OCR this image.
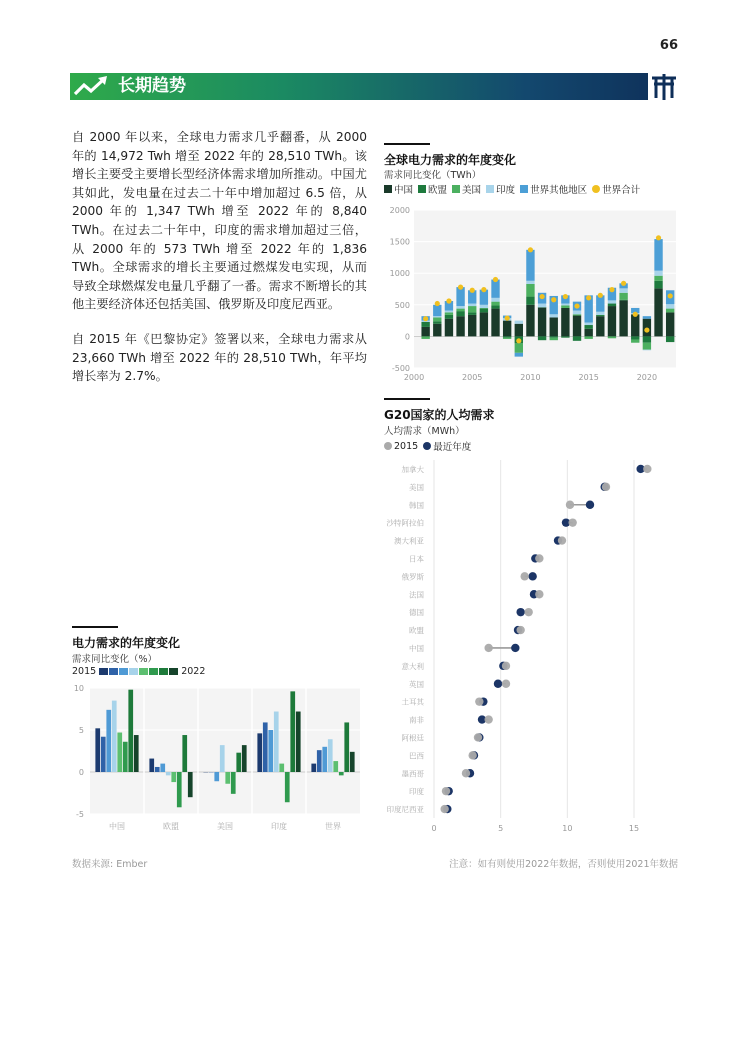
66
长期趋势
自 2000 年以来，全球电力需求几乎翻番，从 2000 年的 14,972 Twh 增至 2022 年的 28,510 TWh。该增长主要受主要增长型经济体需求增加所推动。中国尤其如此，发电量在过去二十年中增加超过 6.5 倍，从 2000 年的 1,347 TWh 增至 2022 年的 8,840 TWh。在过去二十年中，印度的需求增加超过三倍，从 2000 年的 573 TWh 增至 2022 年的 1,836 TWh。全球需求的增长主要通过燃煤发电实现，从而导致全球燃煤发电量几乎翻了一番。需求不断增长的其他主要经济体还包括美国、俄罗斯及印度尼西亚。
自 2015 年《巴黎协定》签署以来，全球电力需求从 23,660 TWh 增至 2022 年的 28,510 TWh，年平均增长率为 2.7%。
全球电力需求的年度变化
需求同比变化（TWh）
中国 欧盟 美国 印度 世界其他地区 世界合计
-500
0
500
1000
1500
2000
2000	2005	2010	2015	2020
G20国家的人均需求
人均需求（MWh）
2015 最近年度
0	5	10	15
加拿大
美国
韩国
沙特阿拉伯
澳大利亚
日本
俄罗斯
法国
德国
欧盟
中国
意大利
英国
土耳其
南非
阿根廷
巴西
墨西哥
印度
印度尼西亚
电力需求的年度变化
需求同比变化（%）
2015	2022
-5
0
5
10
中国	欧盟	美国	印度	世界
数据来源: Ember	注意：如有则使用2022年数据，否则使用2021年数据
